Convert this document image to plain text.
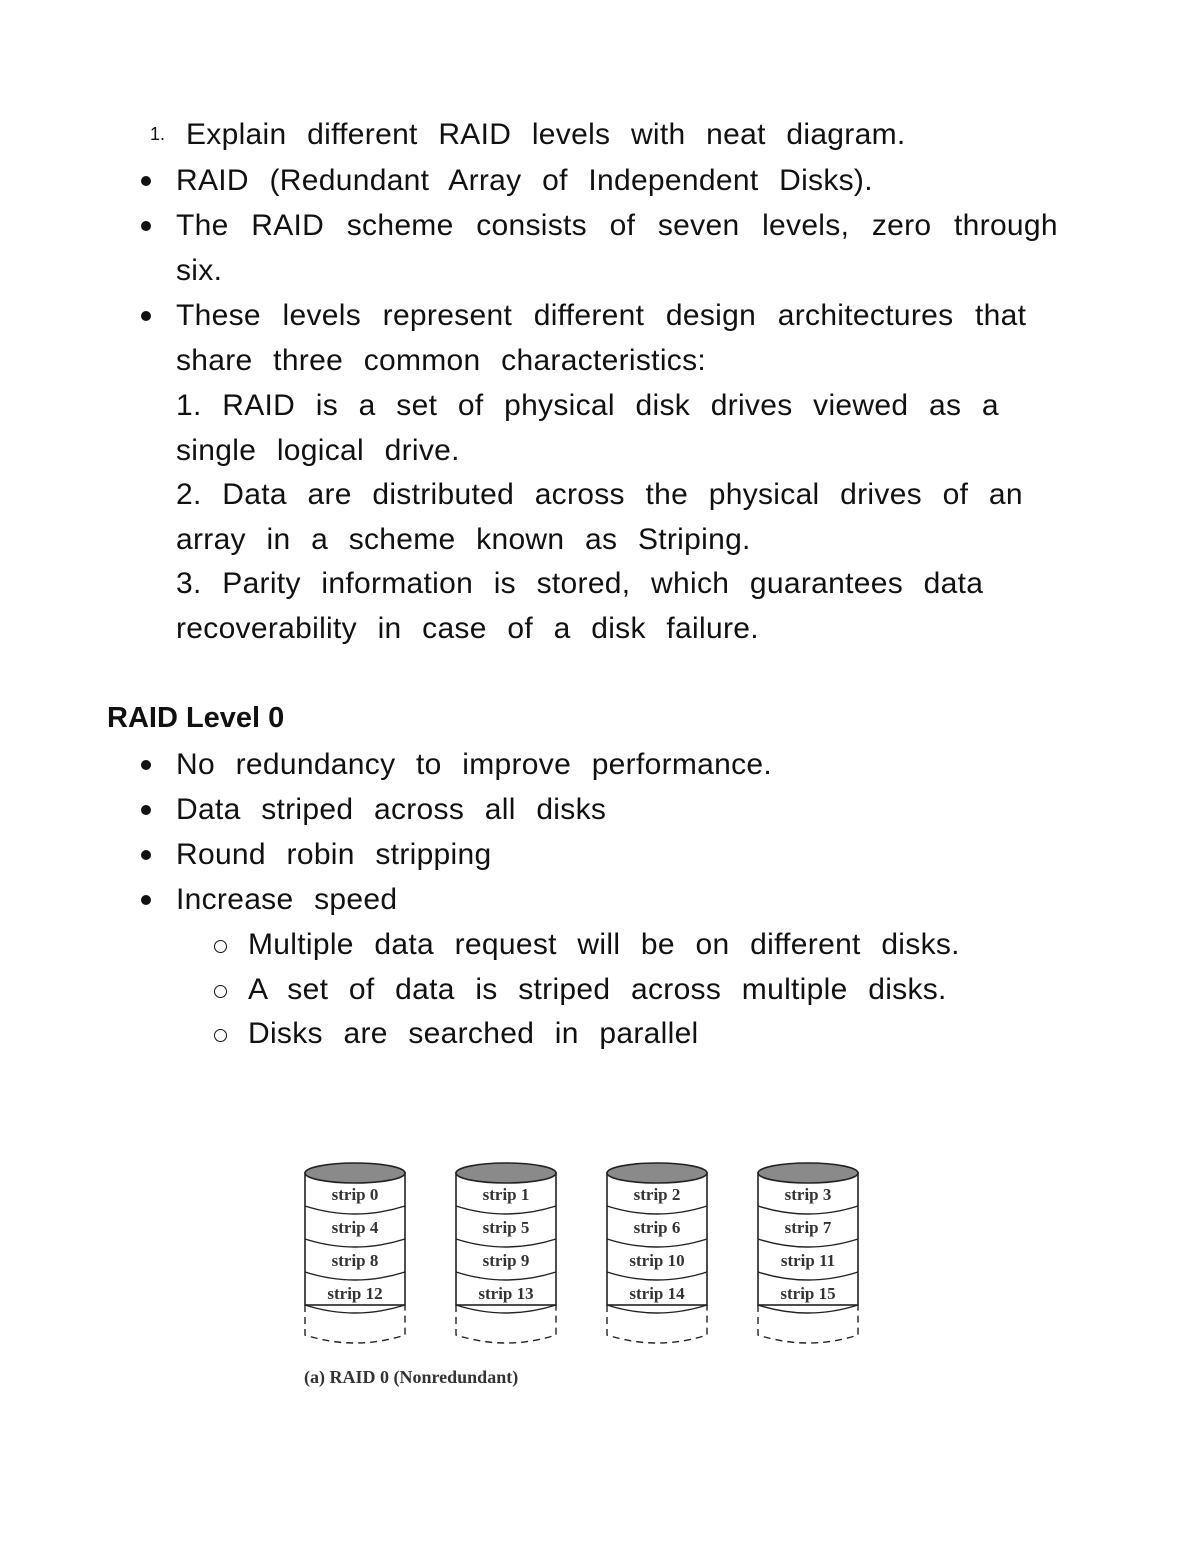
1. Explain different RAID levels with neat diagram.
RAID (Redundant Array of Independent Disks).
The RAID scheme consists of seven levels, zero through
six.
These levels represent different design architectures that
share three common characteristics:
1. RAID is a set of physical disk drives viewed as a
single logical drive.
2. Data are distributed across the physical drives of an
array in a scheme known as Striping.
3. Parity information is stored, which guarantees data
recoverability in case of a disk failure.
RAID Level 0
No redundancy to improve performance.
Data striped across all disks
Round robin stripping
Increase speed
Multiple data request will be on different disks.
A set of data is striped across multiple disks.
Disks are searched in parallel
strip 0
strip 4
strip 8
strip 12
strip 1
strip 5
strip 9
strip 13
strip 2
strip 6
strip 10
strip 14
strip 3
strip 7
strip 11
strip 15
(a) RAID 0 (Nonredundant)
